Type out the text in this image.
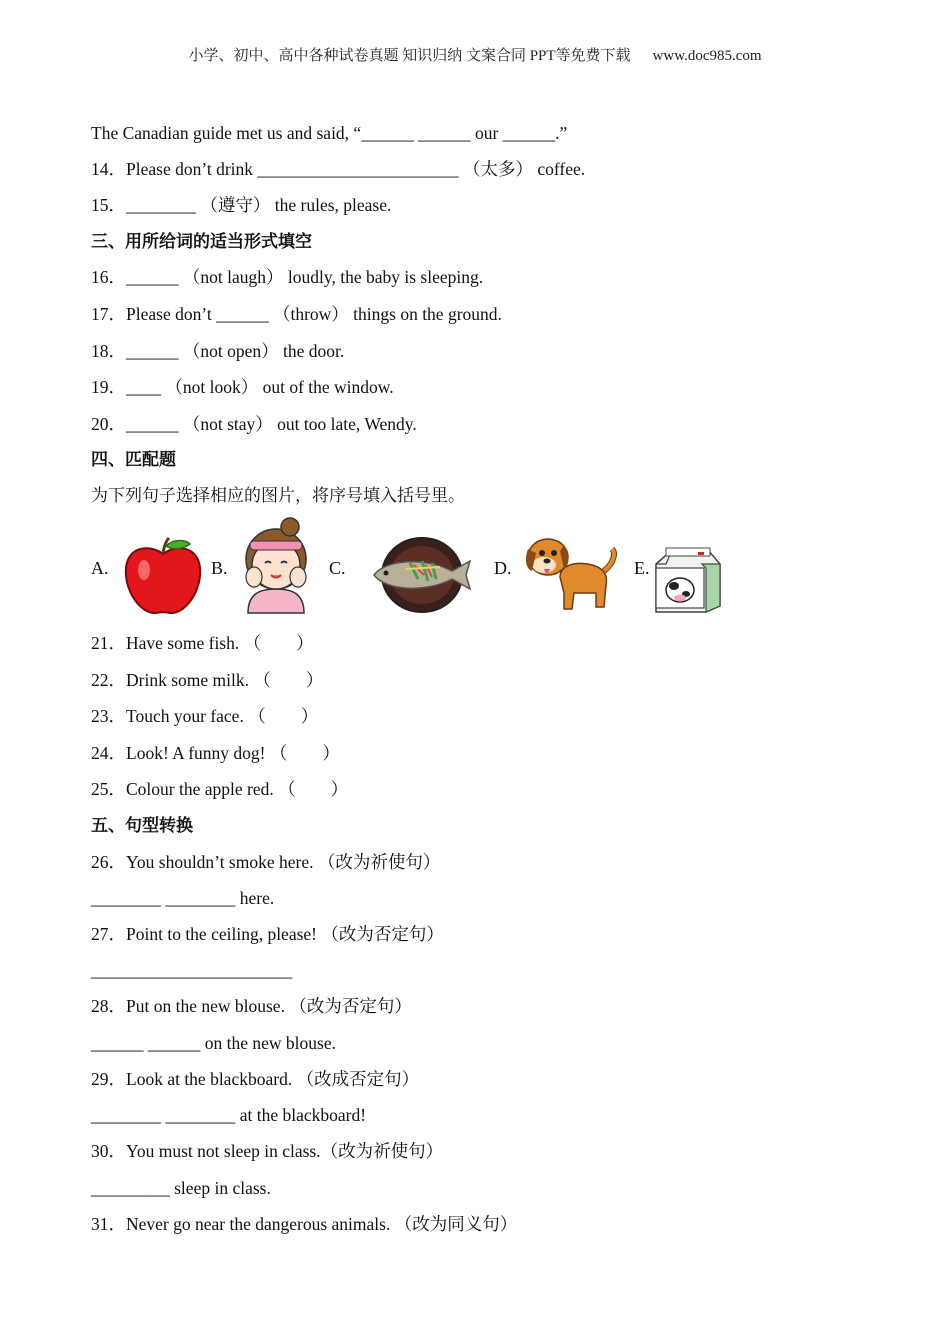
小学、初中、高中各种试卷真题 知识归纳 文案合同 PPT等免费下载 www.doc985.com
The Canadian guide met us and said, “______ ______ our ______.”
14．Please don’t drink _______________________ （太多） coffee.
15．________ （遵守） the rules, please.
三、用所给词的适当形式填空
16．______ （not laugh） loudly, the baby is sleeping.
17．Please don’t ______ （throw） things on the ground.
18．______ （not open） the door.
19．____ （not look） out of the window.
20．______ （not stay） out too late, Wendy.
四、匹配题
为下列句子选择相应的图片，将序号填入括号里。
A.	B.	C.	D.	E.
21．Have some fish. （　　）
22．Drink some milk. （　　）
23．Touch your face. （　　）
24．Look! A funny dog! （　　）
25．Colour the apple red. （　　）
五、句型转换
26．You shouldn’t smoke here. （改为祈使句）
________ ________ here.
27．Point to the ceiling, please! （改为否定句）
_______________________
28．Put on the new blouse. （改为否定句）
______ ______ on the new blouse.
29．Look at the blackboard. （改成否定句）
________ ________ at the blackboard!
30．You must not sleep in class.（改为祈使句）
_________ sleep in class.
31．Never go near the dangerous animals. （改为同义句）
